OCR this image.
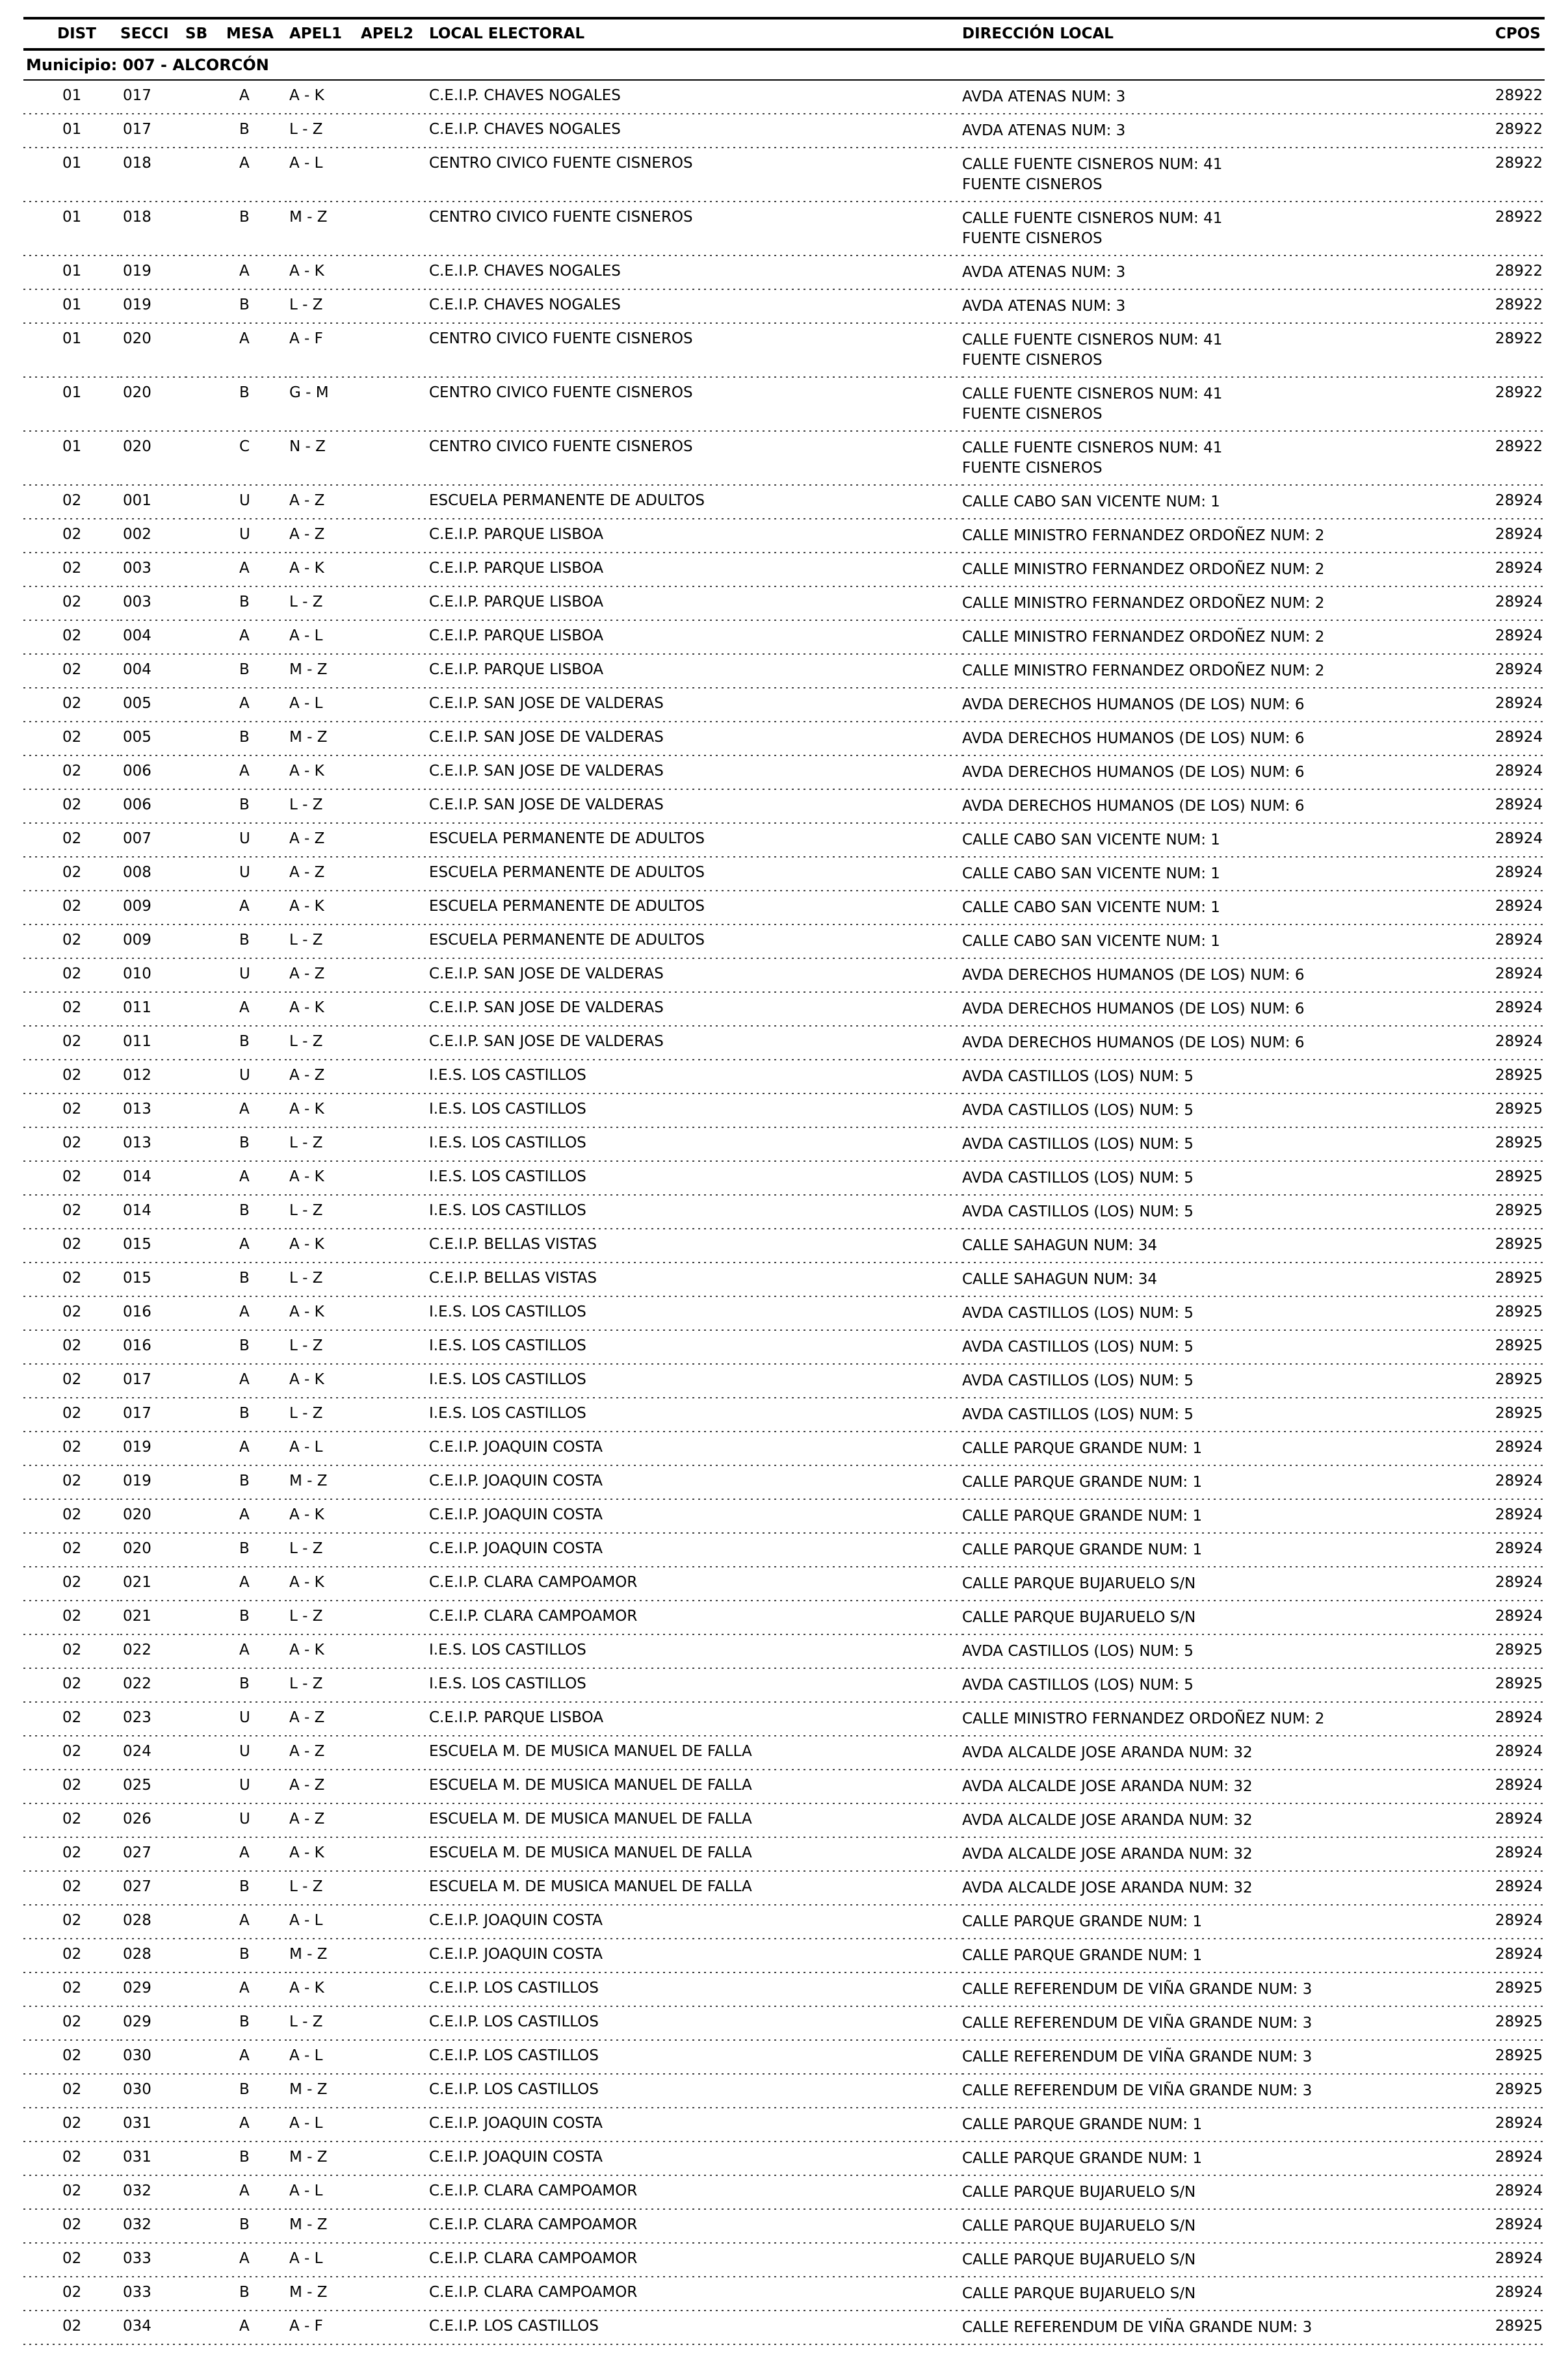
DIST	SECCI	SB	MESA	APEL1	APEL2	LOCAL ELECTORAL	DIRECCIÓN LOCAL	CPOS
Municipio: 007 - ALCORCÓN								
01	017		A	A - K		C.E.I.P. CHAVES NOGALES	AVDA ATENAS NUM: 3	28922
01	017		B	L - Z		C.E.I.P. CHAVES NOGALES	AVDA ATENAS NUM: 3	28922
01	018		A	A - L		CENTRO CIVICO FUENTE CISNEROS	CALLE FUENTE CISNEROS NUM: 41
FUENTE CISNEROS	28922
01	018		B	M - Z		CENTRO CIVICO FUENTE CISNEROS	CALLE FUENTE CISNEROS NUM: 41
FUENTE CISNEROS	28922
01	019		A	A - K		C.E.I.P. CHAVES NOGALES	AVDA ATENAS NUM: 3	28922
01	019		B	L - Z		C.E.I.P. CHAVES NOGALES	AVDA ATENAS NUM: 3	28922
01	020		A	A - F		CENTRO CIVICO FUENTE CISNEROS	CALLE FUENTE CISNEROS NUM: 41
FUENTE CISNEROS	28922
01	020		B	G - M		CENTRO CIVICO FUENTE CISNEROS	CALLE FUENTE CISNEROS NUM: 41
FUENTE CISNEROS	28922
01	020		C	N - Z		CENTRO CIVICO FUENTE CISNEROS	CALLE FUENTE CISNEROS NUM: 41
FUENTE CISNEROS	28922
02	001		U	A - Z		ESCUELA PERMANENTE DE ADULTOS	CALLE CABO SAN VICENTE NUM: 1	28924
02	002		U	A - Z		C.E.I.P. PARQUE LISBOA	CALLE MINISTRO FERNANDEZ ORDOÑEZ NUM: 2	28924
02	003		A	A - K		C.E.I.P. PARQUE LISBOA	CALLE MINISTRO FERNANDEZ ORDOÑEZ NUM: 2	28924
02	003		B	L - Z		C.E.I.P. PARQUE LISBOA	CALLE MINISTRO FERNANDEZ ORDOÑEZ NUM: 2	28924
02	004		A	A - L		C.E.I.P. PARQUE LISBOA	CALLE MINISTRO FERNANDEZ ORDOÑEZ NUM: 2	28924
02	004		B	M - Z		C.E.I.P. PARQUE LISBOA	CALLE MINISTRO FERNANDEZ ORDOÑEZ NUM: 2	28924
02	005		A	A - L		C.E.I.P. SAN JOSE DE VALDERAS	AVDA DERECHOS HUMANOS (DE LOS) NUM: 6	28924
02	005		B	M - Z		C.E.I.P. SAN JOSE DE VALDERAS	AVDA DERECHOS HUMANOS (DE LOS) NUM: 6	28924
02	006		A	A - K		C.E.I.P. SAN JOSE DE VALDERAS	AVDA DERECHOS HUMANOS (DE LOS) NUM: 6	28924
02	006		B	L - Z		C.E.I.P. SAN JOSE DE VALDERAS	AVDA DERECHOS HUMANOS (DE LOS) NUM: 6	28924
02	007		U	A - Z		ESCUELA PERMANENTE DE ADULTOS	CALLE CABO SAN VICENTE NUM: 1	28924
02	008		U	A - Z		ESCUELA PERMANENTE DE ADULTOS	CALLE CABO SAN VICENTE NUM: 1	28924
02	009		A	A - K		ESCUELA PERMANENTE DE ADULTOS	CALLE CABO SAN VICENTE NUM: 1	28924
02	009		B	L - Z		ESCUELA PERMANENTE DE ADULTOS	CALLE CABO SAN VICENTE NUM: 1	28924
02	010		U	A - Z		C.E.I.P. SAN JOSE DE VALDERAS	AVDA DERECHOS HUMANOS (DE LOS) NUM: 6	28924
02	011		A	A - K		C.E.I.P. SAN JOSE DE VALDERAS	AVDA DERECHOS HUMANOS (DE LOS) NUM: 6	28924
02	011		B	L - Z		C.E.I.P. SAN JOSE DE VALDERAS	AVDA DERECHOS HUMANOS (DE LOS) NUM: 6	28924
02	012		U	A - Z		I.E.S. LOS CASTILLOS	AVDA CASTILLOS (LOS) NUM: 5	28925
02	013		A	A - K		I.E.S. LOS CASTILLOS	AVDA CASTILLOS (LOS) NUM: 5	28925
02	013		B	L - Z		I.E.S. LOS CASTILLOS	AVDA CASTILLOS (LOS) NUM: 5	28925
02	014		A	A - K		I.E.S. LOS CASTILLOS	AVDA CASTILLOS (LOS) NUM: 5	28925
02	014		B	L - Z		I.E.S. LOS CASTILLOS	AVDA CASTILLOS (LOS) NUM: 5	28925
02	015		A	A - K		C.E.I.P. BELLAS VISTAS	CALLE SAHAGUN NUM: 34	28925
02	015		B	L - Z		C.E.I.P. BELLAS VISTAS	CALLE SAHAGUN NUM: 34	28925
02	016		A	A - K		I.E.S. LOS CASTILLOS	AVDA CASTILLOS (LOS) NUM: 5	28925
02	016		B	L - Z		I.E.S. LOS CASTILLOS	AVDA CASTILLOS (LOS) NUM: 5	28925
02	017		A	A - K		I.E.S. LOS CASTILLOS	AVDA CASTILLOS (LOS) NUM: 5	28925
02	017		B	L - Z		I.E.S. LOS CASTILLOS	AVDA CASTILLOS (LOS) NUM: 5	28925
02	019		A	A - L		C.E.I.P. JOAQUIN COSTA	CALLE PARQUE GRANDE NUM: 1	28924
02	019		B	M - Z		C.E.I.P. JOAQUIN COSTA	CALLE PARQUE GRANDE NUM: 1	28924
02	020		A	A - K		C.E.I.P. JOAQUIN COSTA	CALLE PARQUE GRANDE NUM: 1	28924
02	020		B	L - Z		C.E.I.P. JOAQUIN COSTA	CALLE PARQUE GRANDE NUM: 1	28924
02	021		A	A - K		C.E.I.P. CLARA CAMPOAMOR	CALLE PARQUE BUJARUELO S/N	28924
02	021		B	L - Z		C.E.I.P. CLARA CAMPOAMOR	CALLE PARQUE BUJARUELO S/N	28924
02	022		A	A - K		I.E.S. LOS CASTILLOS	AVDA CASTILLOS (LOS) NUM: 5	28925
02	022		B	L - Z		I.E.S. LOS CASTILLOS	AVDA CASTILLOS (LOS) NUM: 5	28925
02	023		U	A - Z		C.E.I.P. PARQUE LISBOA	CALLE MINISTRO FERNANDEZ ORDOÑEZ NUM: 2	28924
02	024		U	A - Z		ESCUELA M. DE MUSICA MANUEL DE FALLA	AVDA ALCALDE JOSE ARANDA NUM: 32	28924
02	025		U	A - Z		ESCUELA M. DE MUSICA MANUEL DE FALLA	AVDA ALCALDE JOSE ARANDA NUM: 32	28924
02	026		U	A - Z		ESCUELA M. DE MUSICA MANUEL DE FALLA	AVDA ALCALDE JOSE ARANDA NUM: 32	28924
02	027		A	A - K		ESCUELA M. DE MUSICA MANUEL DE FALLA	AVDA ALCALDE JOSE ARANDA NUM: 32	28924
02	027		B	L - Z		ESCUELA M. DE MUSICA MANUEL DE FALLA	AVDA ALCALDE JOSE ARANDA NUM: 32	28924
02	028		A	A - L		C.E.I.P. JOAQUIN COSTA	CALLE PARQUE GRANDE NUM: 1	28924
02	028		B	M - Z		C.E.I.P. JOAQUIN COSTA	CALLE PARQUE GRANDE NUM: 1	28924
02	029		A	A - K		C.E.I.P. LOS CASTILLOS	CALLE REFERENDUM DE VIÑA GRANDE NUM: 3	28925
02	029		B	L - Z		C.E.I.P. LOS CASTILLOS	CALLE REFERENDUM DE VIÑA GRANDE NUM: 3	28925
02	030		A	A - L		C.E.I.P. LOS CASTILLOS	CALLE REFERENDUM DE VIÑA GRANDE NUM: 3	28925
02	030		B	M - Z		C.E.I.P. LOS CASTILLOS	CALLE REFERENDUM DE VIÑA GRANDE NUM: 3	28925
02	031		A	A - L		C.E.I.P. JOAQUIN COSTA	CALLE PARQUE GRANDE NUM: 1	28924
02	031		B	M - Z		C.E.I.P. JOAQUIN COSTA	CALLE PARQUE GRANDE NUM: 1	28924
02	032		A	A - L		C.E.I.P. CLARA CAMPOAMOR	CALLE PARQUE BUJARUELO S/N	28924
02	032		B	M - Z		C.E.I.P. CLARA CAMPOAMOR	CALLE PARQUE BUJARUELO S/N	28924
02	033		A	A - L		C.E.I.P. CLARA CAMPOAMOR	CALLE PARQUE BUJARUELO S/N	28924
02	033		B	M - Z		C.E.I.P. CLARA CAMPOAMOR	CALLE PARQUE BUJARUELO S/N	28924
02	034		A	A - F		C.E.I.P. LOS CASTILLOS	CALLE REFERENDUM DE VIÑA GRANDE NUM: 3	28925
